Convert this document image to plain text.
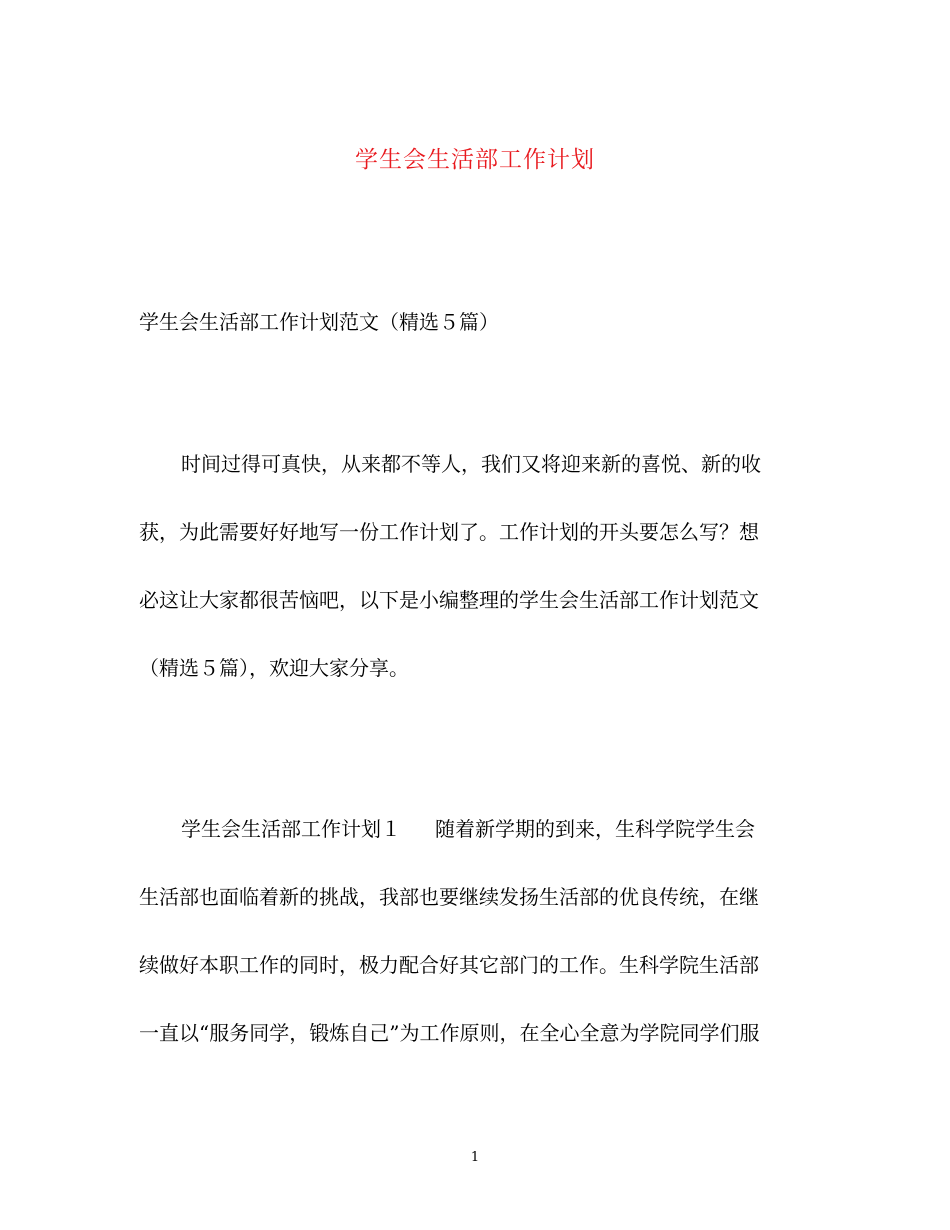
学生会生活部工作计划
学生会生活部工作计划范文（精选５篇）
时间过得可真快，从来都不等人，我们又将迎来新的喜悦、新的收
获，为此需要好好地写一份工作计划了。工作计划的开头要怎么写？想
必这让大家都很苦恼吧，以下是小编整理的学生会生活部工作计划范文
（精选５篇），欢迎大家分享。
学生会生活部工作计划１ 随着新学期的到来，生科学院学生会
生活部也面临着新的挑战，我部也要继续发扬生活部的优良传统，在继
续做好本职工作的同时，极力配合好其它部门的工作。生科学院生活部
一直以“服务同学，锻炼自己”为工作原则，在全心全意为学院同学们服
1
